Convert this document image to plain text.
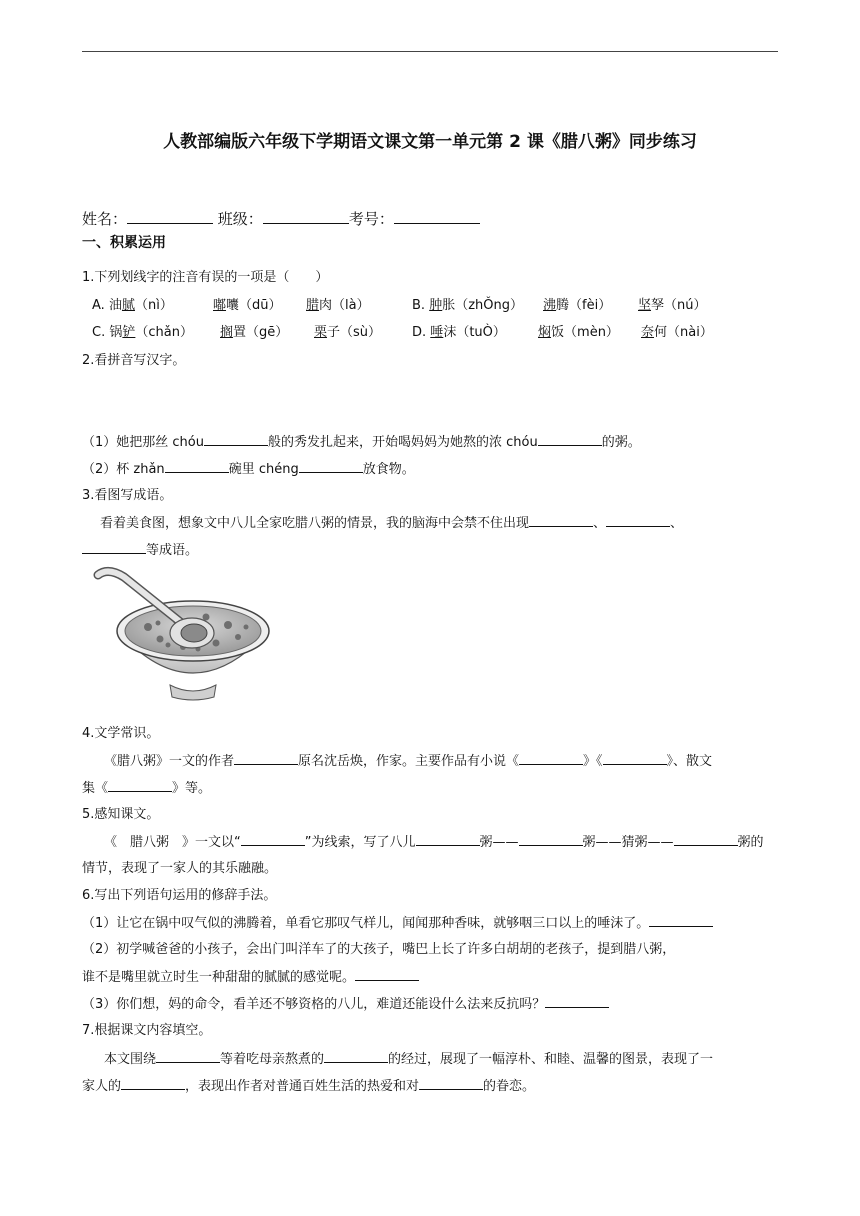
人教部编版六年级下学期语文课文第一单元第 2 课《腊八粥》同步练习
姓名：	班级：	考号：
一、积累运用
1.下列划线字的注音有误的一项是（　　）
A. 油腻（nì）	嘟囔（dū） 腊肉（là）	B. 肿胀（zhǑng） 沸腾（fèi） 坚孥（nú）
C. 锅铲（chǎn） 搁置（gē） 栗子（sù） D. 唾沫（tuÒ） 焖饭（mèn） 奈何（nài）
2.看拼音写汉字。
（1）她把那丝 chóu	般的秀发扎起来，开始喝妈妈为她熬的浓 chóu	的粥。
（2）杯 zhǎn	碗里 chéng	放食物。
3.看图写成语。
看着美食图，想象文中八儿全家吃腊八粥的情景，我的脑海中会禁不住出现	、	、
等成语。
4.文学常识。
《腊八粥》一文的作者	原名沈岳焕，作家。主要作品有小说《	》《	》、散文
集《	》等。
5.感知课文。
《　腊八粥　》一文以“	”为线索，写了八儿	粥——	粥——猜粥——	粥的
情节，表现了一家人的其乐融融。
6.写出下列语句运用的修辞手法。
（1）让它在锅中叹气似的沸腾着，单看它那叹气样儿，闻闻那种香味，就够咽三口以上的唾沫了。
（2）初学喊爸爸的小孩子，会出门叫洋车了的大孩子，嘴巴上长了许多白胡胡的老孩子，提到腊八粥，
谁不是嘴里就立时生一种甜甜的腻腻的感觉呢。
（3）你们想，妈的命令，看羊还不够资格的八儿，难道还能设什么法来反抗吗？
7.根据课文内容填空。
本文围绕	等着吃母亲熬煮的	的经过，展现了一幅淳朴、和睦、温馨的图景，表现了一
家人的	，表现出作者对普通百姓生活的热爱和对	的眷恋。
